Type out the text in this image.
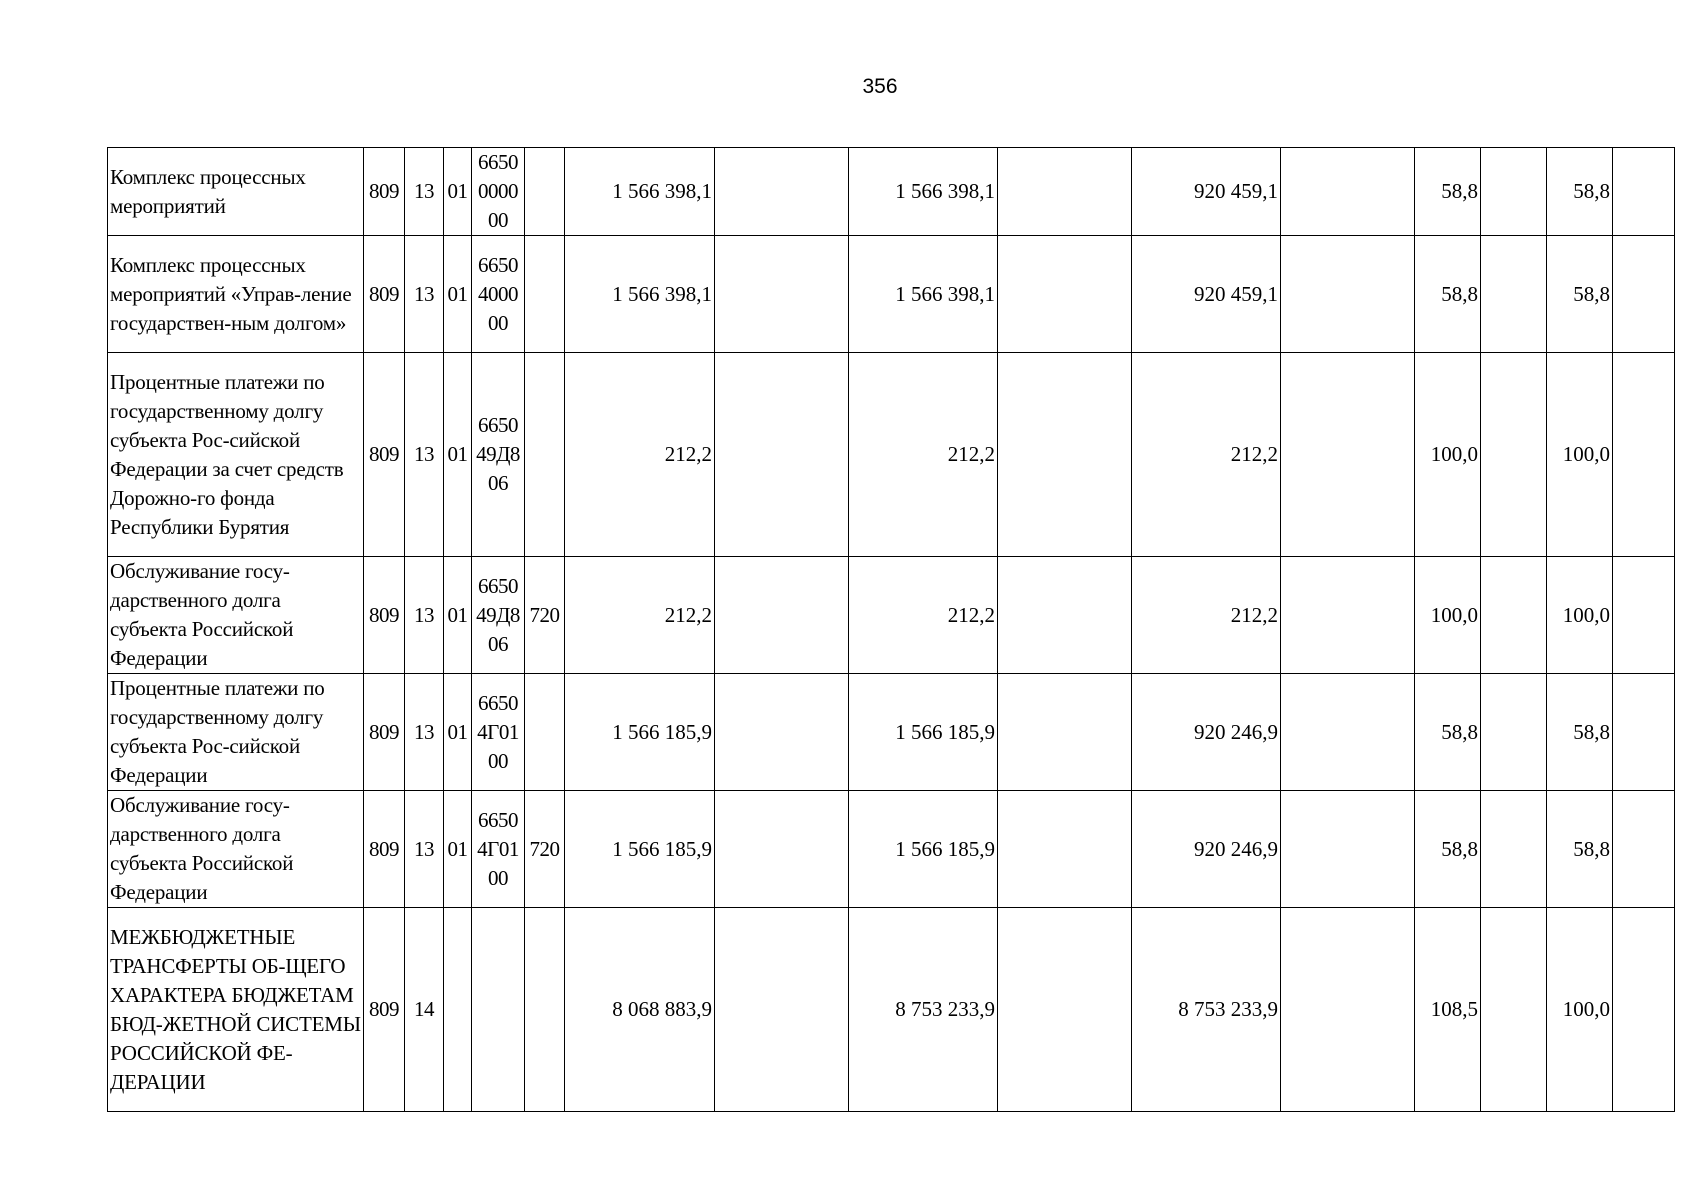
356
Комплекс процессных мероприятий	809	13	01	6650 0000 00		1 566 398,1		1 566 398,1		920 459,1		58,8		58,8	
Комплекс процессных мероприятий «Управ-ление государствен-ным долгом»	809	13	01	6650 4000 00		1 566 398,1		1 566 398,1		920 459,1		58,8		58,8	
Процентные платежи по государственному долгу субъекта Рос-сийской Федерации за счет средств Дорожно-го фонда Республики Бурятия	809	13	01	6650 49Д8 06		212,2		212,2		212,2		100,0		100,0	
Обслуживание госу-дарственного долга субъекта Российской Федерации	809	13	01	6650 49Д8 06	720	212,2		212,2		212,2		100,0		100,0	
Процентные платежи по государственному долгу субъекта Рос-сийской Федерации	809	13	01	6650 4Г01 00		1 566 185,9		1 566 185,9		920 246,9		58,8		58,8	
Обслуживание госу-дарственного долга субъекта Российской Федерации	809	13	01	6650 4Г01 00	720	1 566 185,9		1 566 185,9		920 246,9		58,8		58,8	
МЕЖБЮДЖЕТНЫЕ ТРАНСФЕРТЫ ОБ-ЩЕГО ХАРАКТЕРА БЮДЖЕТАМ БЮД-ЖЕТНОЙ СИСТЕМЫ РОССИЙСКОЙ ФЕ-ДЕРАЦИИ	809	14				8 068 883,9		8 753 233,9		8 753 233,9		108,5		100,0	
